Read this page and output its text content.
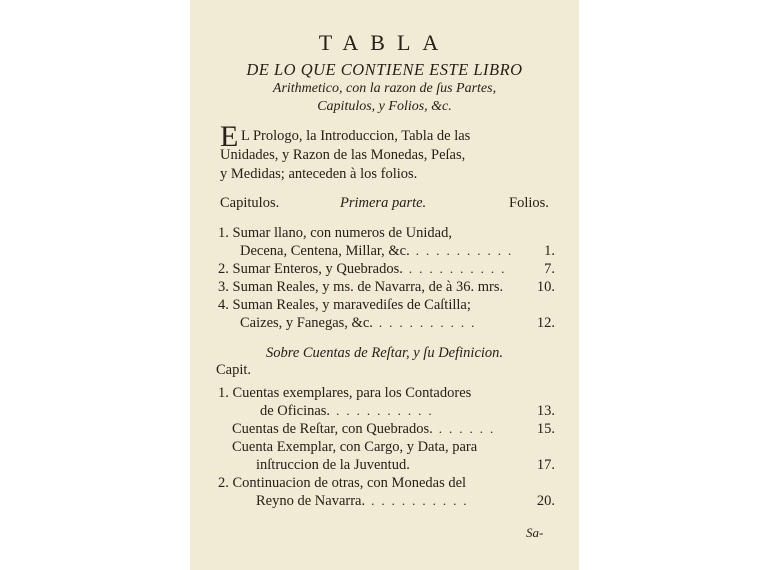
TABLA
DE LO QUE CONTIENE ESTE LIBRO
Arithmetico, con la razon de ſus Partes,
Capitulos, y Folios, &c.
E L Prologo, la Introduccion, Tabla de las
Unidades, y Razon de las Monedas, Peſas,
y Medidas; anteceden à los folios.
Capitulos.	Primera parte.	Folios.
1. Sumar llano, con numeros de Unidad,
Decena, Centena, Millar, &c. ..........	1.
2. Sumar Enteros, y Quebrados. ..........	7.
3. Suman Reales, y ms. de Navarra, de à 36. mrs. 10.
4. Suman Reales, y maravediſes de Caſtilla;
Caizes, y Fanegas, &c. ..........	12.
Sobre Cuentas de Reſtar, y ſu Definicion.
Capit.
1. Cuentas exemplares, para los Contadores
de Oficinas. ..........	13.
Cuentas de Reſtar, con Quebrados. ......	15.
Cuenta Exemplar, con Cargo, y Data, para
inſtruccion de la Juventud.	17.
2. Continuacion de otras, con Monedas del
Reyno de Navarra. ..........	20.
Sa-
